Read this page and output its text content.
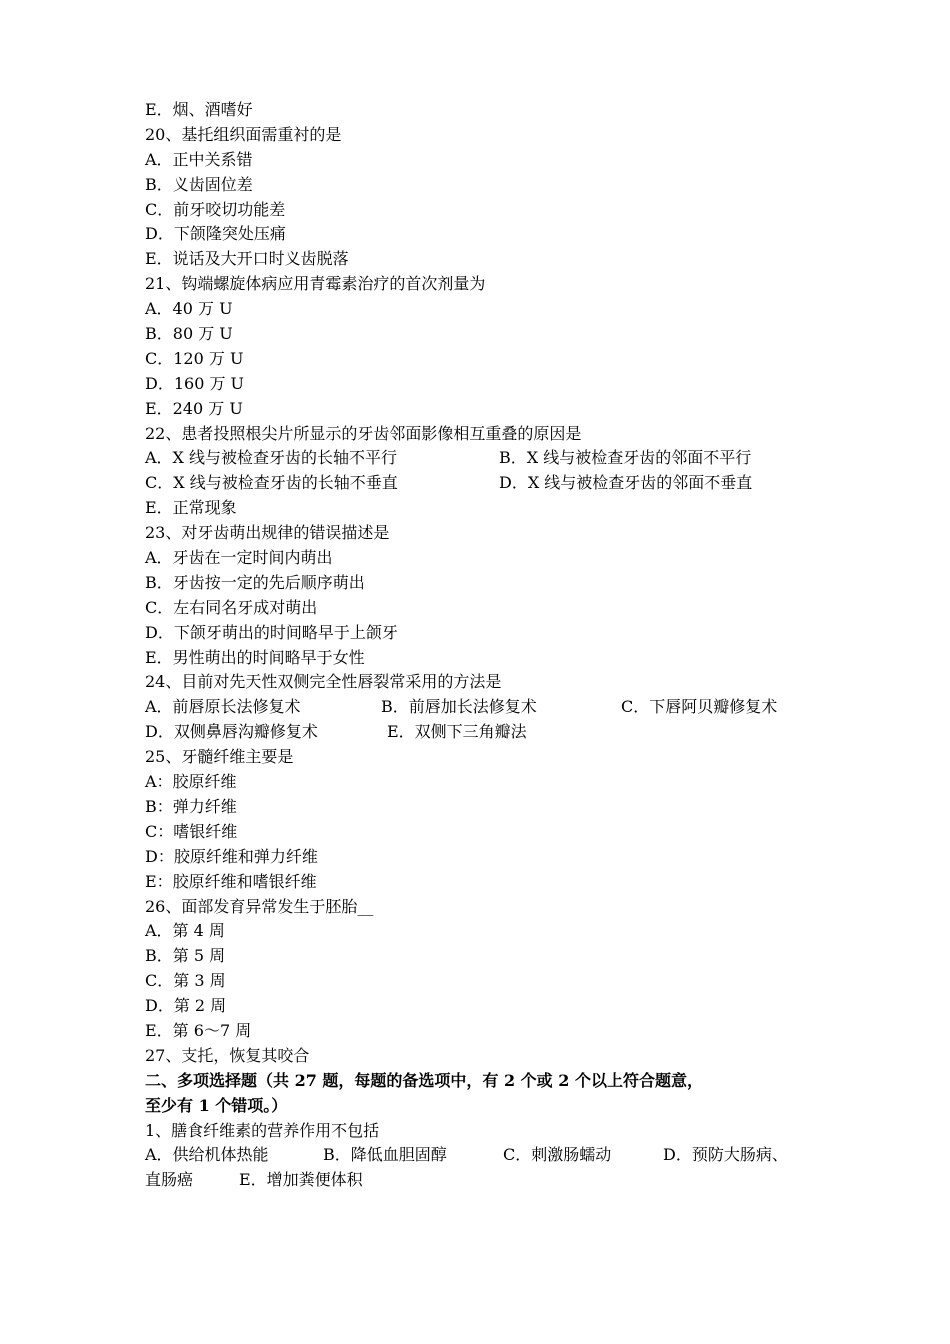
E．烟、酒嗜好
20、基托组织面需重衬的是
A．正中关系错
B．义齿固位差
C．前牙咬切功能差
D．下颌隆突处压痛
E．说话及大开口时义齿脱落
21、钩端螺旋体病应用青霉素治疗的首次剂量为
A．40 万 U
B．80 万 U
C．120 万 U
D．160 万 U
E．240 万 U
22、患者投照根尖片所显示的牙齿邻面影像相互重叠的原因是
A．X 线与被检查牙齿的长轴不平行	B．X 线与被检查牙齿的邻面不平行
C．X 线与被检查牙齿的长轴不垂直	D．X 线与被检查牙齿的邻面不垂直
E．正常现象
23、对牙齿萌出规律的错误描述是
A．牙齿在一定时间内萌出
B．牙齿按一定的先后顺序萌出
C．左右同名牙成对萌出
D．下颌牙萌出的时间略早于上颌牙
E．男性萌出的时间略早于女性
24、目前对先天性双侧完全性唇裂常采用的方法是
A．前唇原长法修复术	B．前唇加长法修复术	C．下唇阿贝瓣修复术
D．双侧鼻唇沟瓣修复术	E．双侧下三角瓣法
25、牙髓纤维主要是
A：胶原纤维
B：弹力纤维
C：嗜银纤维
D：胶原纤维和弹力纤维
E：胶原纤维和嗜银纤维
26、面部发育异常发生于胚胎__
A．第 4 周
B．第 5 周
C．第 3 周
D．第 2 周
E．第 6～7 周
27、支托，恢复其咬合
二、多项选择题（共 27 题，每题的备选项中，有 2 个或 2 个以上符合题意，
至少有 1 个错项。）
1、膳食纤维素的营养作用不包括
A．供给机体热能	B．降低血胆固醇	C．刺激肠蠕动	D．预防大肠病、
直肠癌	E．增加粪便体积
